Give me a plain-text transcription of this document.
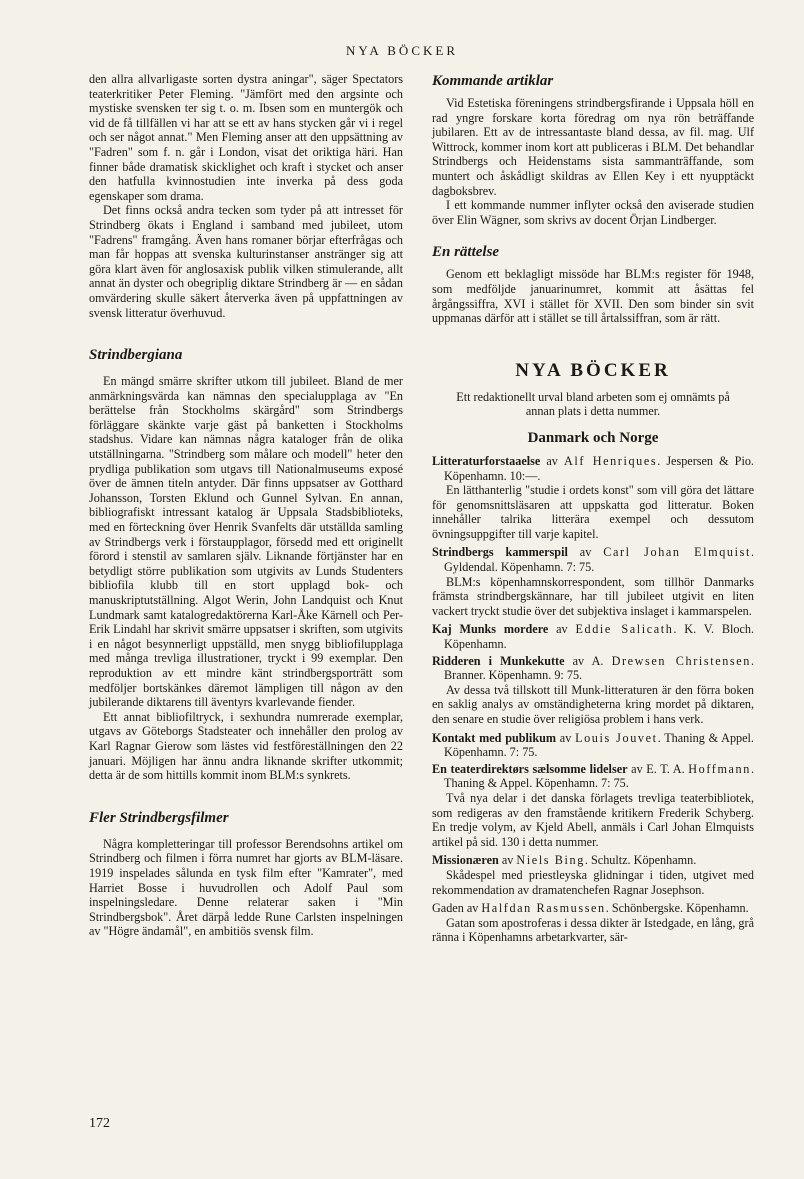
NYA BÖCKER

den allra allvarligaste sorten dystra aningar", säger Spectators teaterkritiker Peter Fleming. "Jämfört med den argsinte och mystiske svensken ter sig t. o. m. Ibsen som en muntergök och vid de få tillfällen vi har att se ett av hans stycken går vi i regel och ser något annat." Men Fleming anser att den uppsättning av "Fadren" som f. n. går i London, visat det oriktiga häri. Han finner både dramatisk skicklighet och kraft i stycket och anser den hatfulla kvinnostudien inte inverka på dess goda egenskaper som drama.

Det finns också andra tecken som tyder på att intresset för Strindberg ökats i England i samband med jubileet, utom "Fadrens" framgång. Även hans romaner börjar efterfrågas och man får hoppas att svenska kulturinstanser anstränger sig att göra klart även för anglosaxisk publik vilken stimulerande, allt annat än dyster och obegriplig diktare Strindberg är — en sådan omvärdering skulle säkert återverka även på uppfattningen av svensk litteratur överhuvud.

Strindbergiana

En mängd smärre skrifter utkom till jubileet. Bland de mer anmärkningsvärda kan nämnas den specialupplaga av "En berättelse från Stockholms skärgård" som Strindbergs förläggare skänkte varje gäst på banketten i Stockholms stadshus. Vidare kan nämnas några kataloger från de olika utställningarna. "Strindberg som målare och modell" heter den prydliga publikation som utgavs till Nationalmuseums exposé över de ämnen titeln antyder. Där finns uppsatser av Gotthard Johansson, Torsten Eklund och Gunnel Sylvan. En annan, bibliografiskt intressant katalog är Uppsala Stadsbiblioteks, med en förteckning över Henrik Svanfelts där utställda samling av Strindbergs verk i förstaupplagor, försedd med ett originellt förord i stenstil av samlaren själv. Liknande förtjänster har en betydligt större publikation som utgivits av Lunds Studenters bibliofila klubb till en stort upplagd bok- och manuskriptutställning. Algot Werin, John Landquist och Knut Lundmark samt katalogredaktörerna Karl-Åke Kärnell och Per-Erik Lindahl har skrivit smärre uppsatser i skriften, som utgivits i en något besynnerligt uppställd, men snygg bibliofilupplaga med många trevliga illustrationer, tryckt i 99 exemplar. Den reproduktion av ett mindre känt strindbergsporträtt som medföljer bortskänkes däremot lämpligen till någon av den jubilerande diktarens till äventyrs kvarlevande fiender.

Ett annat bibliofiltryck, i sexhundra numrerade exemplar, utgavs av Göteborgs Stadsteater och innehåller den prolog av Karl Ragnar Gierow som lästes vid festföreställningen den 22 januari. Möjligen har ännu andra liknande skrifter utkommit; detta är de som hittills kommit inom BLM:s synkrets.

Fler Strindbergsfilmer

Några kompletteringar till professor Berendsohns artikel om Strindberg och filmen i förra numret har gjorts av BLM-läsare. 1919 inspelades sålunda en tysk film efter "Kamrater", med Harriet Bosse i huvudrollen och Adolf Paul som inspelningsledare. Denne relaterar saken i "Min Strindbergsbok". Året därpå ledde Rune Carlsten inspelningen av "Högre ändamål", en ambitiös svensk film.

Kommande artiklar

Vid Estetiska föreningens strindbergsfirande i Uppsala höll en rad yngre forskare korta föredrag om nya rön beträffande jubilaren. Ett av de intressantaste bland dessa, av fil. mag. Ulf Wittrock, kommer inom kort att publiceras i BLM. Det behandlar Strindbergs och Heidenstams sista sammanträffande, som muntert och åskådligt skildras av Ellen Key i ett nyupptäckt dagboksbrev.

I ett kommande nummer inflyter också den aviserade studien över Elin Wägner, som skrivs av docent Örjan Lindberger.

En rättelse

Genom ett beklagligt missöde har BLM:s register för 1948, som medföljde januarinumret, kommit att åsättas fel årgångssiffra, XVI i stället för XVII. Den som binder sin svit uppmanas därför att i stället se till årtalssiffran, som är rätt.

NYA BÖCKER

Ett redaktionellt urval bland arbeten som ej omnämts på annan plats i detta nummer.

Danmark och Norge

Litteraturforstaaelse av Alf Henriques. Jespersen & Pio. Köpenhamn. 10:—.

En lätthanterlig "studie i ordets konst" som vill göra det lättare för genomsnittsläsaren att uppskatta god litteratur. Boken innehåller talrika litterära exempel och dessutom övningsuppgifter till varje kapitel.

Strindbergs kammerspil av Carl Johan Elmquist. Gyldendal. Köpenhamn. 7: 75.

BLM:s köpenhamnskorrespondent, som tillhör Danmarks främsta strindbergskännare, har till jubileet utgivit en liten vackert tryckt studie över det subjektiva inslaget i kammarspelen.

Kaj Munks mordere av Eddie Salicath. K. V. Bloch. Köpenhamn.

Ridderen i Munkekutte av A. Drewsen Christensen. Branner. Köpenhamn. 9: 75.

Av dessa två tillskott till Munk-litteraturen är den förra boken en saklig analys av omständigheterna kring mordet på diktaren, den senare en studie över religiösa problem i hans verk.

Kontakt med publikum av Louis Jouvet. Thaning & Appel. Köpenhamn. 7: 75.

En teaterdirektørs sælsomme lidelser av E. T. A. Hoffmann. Thaning & Appel. Köpenhamn. 7: 75.

Två nya delar i det danska förlagets trevliga teaterbibliotek, som redigeras av den framstående kritikern Frederik Schyberg. En tredje volym, av Kjeld Abell, anmäls i Carl Johan Elmquists artikel på sid. 130 i detta nummer.

Missionæren av Niels Bing. Schultz. Köpenhamn.

Skådespel med priestleyska glidningar i tiden, utgivet med rekommendation av dramatenchefen Ragnar Josephson.

Gaden av Halfdan Rasmussen. Schönbergske. Köpenhamn.

Gatan som apostroferas i dessa dikter är Istedgade, en lång, grå ränna i Köpenhamns arbetarkvarter, sär-

172
